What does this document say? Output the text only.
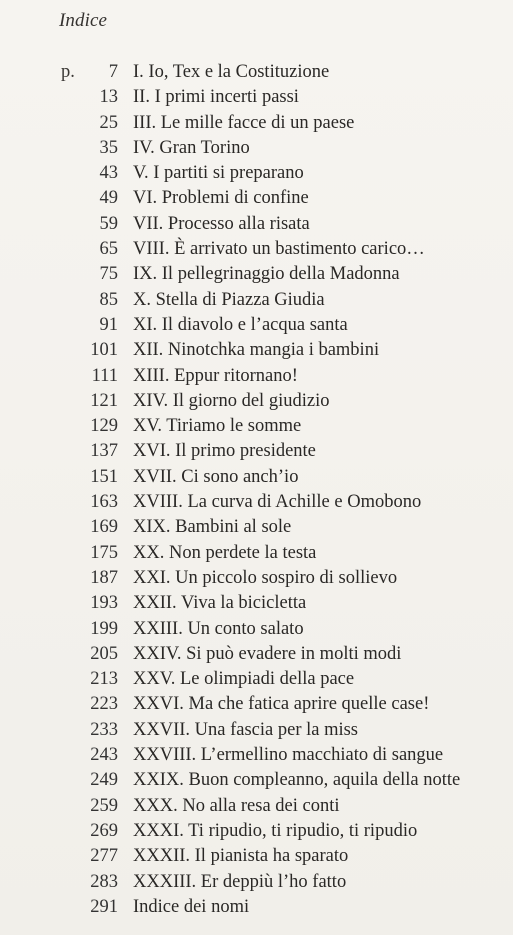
Indice
p.	7 I. Io, Tex e la Costituzione
13 II. I primi incerti passi
25 III. Le mille facce di un paese
35 IV. Gran Torino
43 V. I partiti si preparano
49 VI. Problemi di confine
59 VII. Processo alla risata
65 VIII. È arrivato un bastimento carico…
75 IX. Il pellegrinaggio della Madonna
85 X. Stella di Piazza Giudia
91 XI. Il diavolo e l’acqua santa
101 XII. Ninotchka mangia i bambini
111 XIII. Eppur ritornano!
121 XIV. Il giorno del giudizio
129 XV. Tiriamo le somme
137 XVI. Il primo presidente
151 XVII. Ci sono anch’io
163 XVIII. La curva di Achille e Omobono
169 XIX. Bambini al sole
175 XX. Non perdete la testa
187 XXI. Un piccolo sospiro di sollievo
193 XXII. Viva la bicicletta
199 XXIII. Un conto salato
205 XXIV. Si può evadere in molti modi
213 XXV. Le olimpiadi della pace
223 XXVI. Ma che fatica aprire quelle case!
233 XXVII. Una fascia per la miss
243 XXVIII. L’ermellino macchiato di sangue
249 XXIX. Buon compleanno, aquila della notte
259 XXX. No alla resa dei conti
269 XXXI. Ti ripudio, ti ripudio, ti ripudio
277 XXXII. Il pianista ha sparato
283 XXXIII. Er deppiù l’ho fatto
291 Indice dei nomi
